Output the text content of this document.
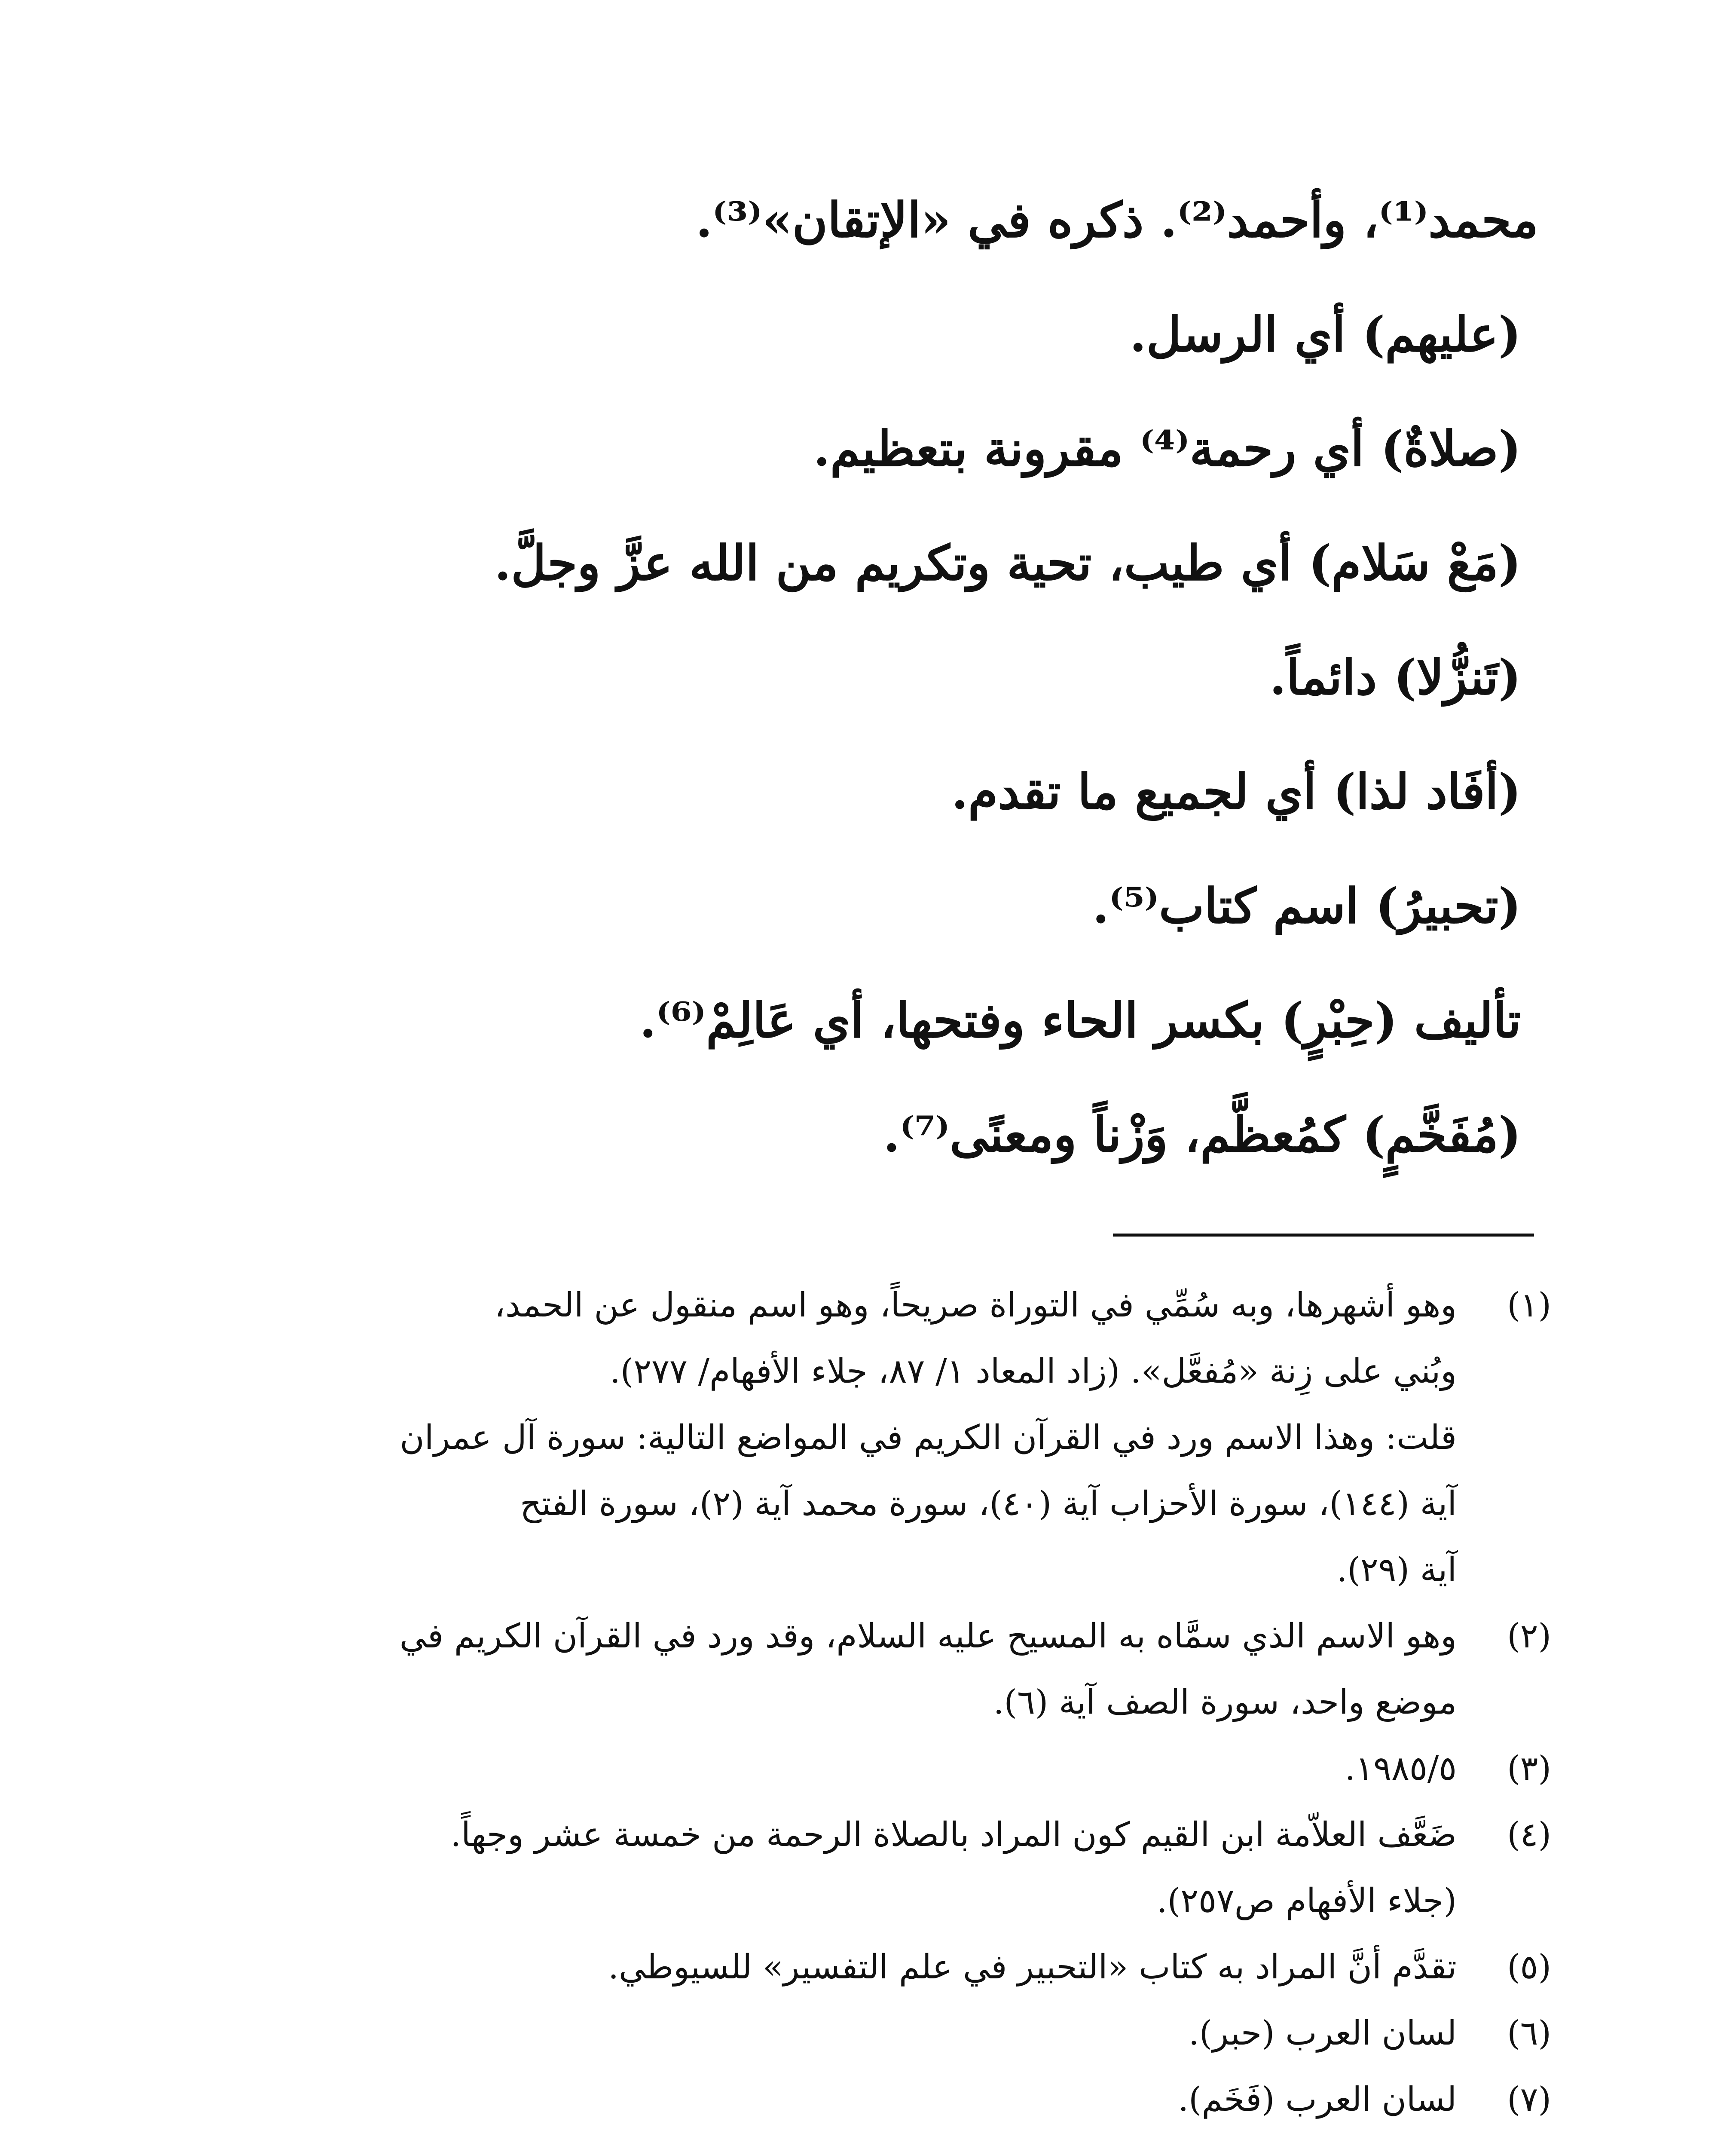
محمد⁽¹⁾، وأحمد⁽²⁾. ذكره في «الإتقان»⁽³⁾.
(عليهم) أي الرسل.
(صلاةٌ) أي رحمة⁽⁴⁾ مقرونة بتعظيم.
(مَعْ سَلام) أي طيب، تحية وتكريم من الله عزَّ وجلَّ.
(تَنزُّلا) دائماً.
(أفَاد لذا) أي لجميع ما تقدم.
(تحبيرُ) اسم كتاب⁽⁵⁾.
تأليف (حِبْرٍ) بكسر الحاء وفتحها، أي عَالِمْ⁽⁶⁾.
(مُفَخَّمٍ) كمُعظَّم، وَزْناً ومعنًى⁽⁷⁾.
(١)
وهو أشهرها، وبه سُمِّي في التوراة صريحاً، وهو اسم منقول عن الحمد،
وبُني على زِنة «مُفعَّل». (زاد المعاد ١/ ٨٧، جلاء الأفهام/ ٢٧٧).
قلت: وهذا الاسم ورد في القرآن الكريم في المواضع التالية: سورة آل عمران
آية (١٤٤)، سورة الأحزاب آية (٤٠)، سورة محمد آية (٢)، سورة الفتح
آية (٢٩).
(٢)
وهو الاسم الذي سمَّاه به المسيح عليه السلام، وقد ورد في القرآن الكريم في
موضع واحد، سورة الصف آية (٦).
(٣)
١٩٨٥/٥.
(٤)
ضَعَّف العلاّمة ابن القيم كون المراد بالصلاة الرحمة من خمسة عشر وجهاً.
(جلاء الأفهام ص٢٥٧).
(٥)
تقدَّم أنَّ المراد به كتاب «التحبير في علم التفسير» للسيوطي.
(٦)
لسان العرب (حبر).
(٧)
لسان العرب (فَخَم).
